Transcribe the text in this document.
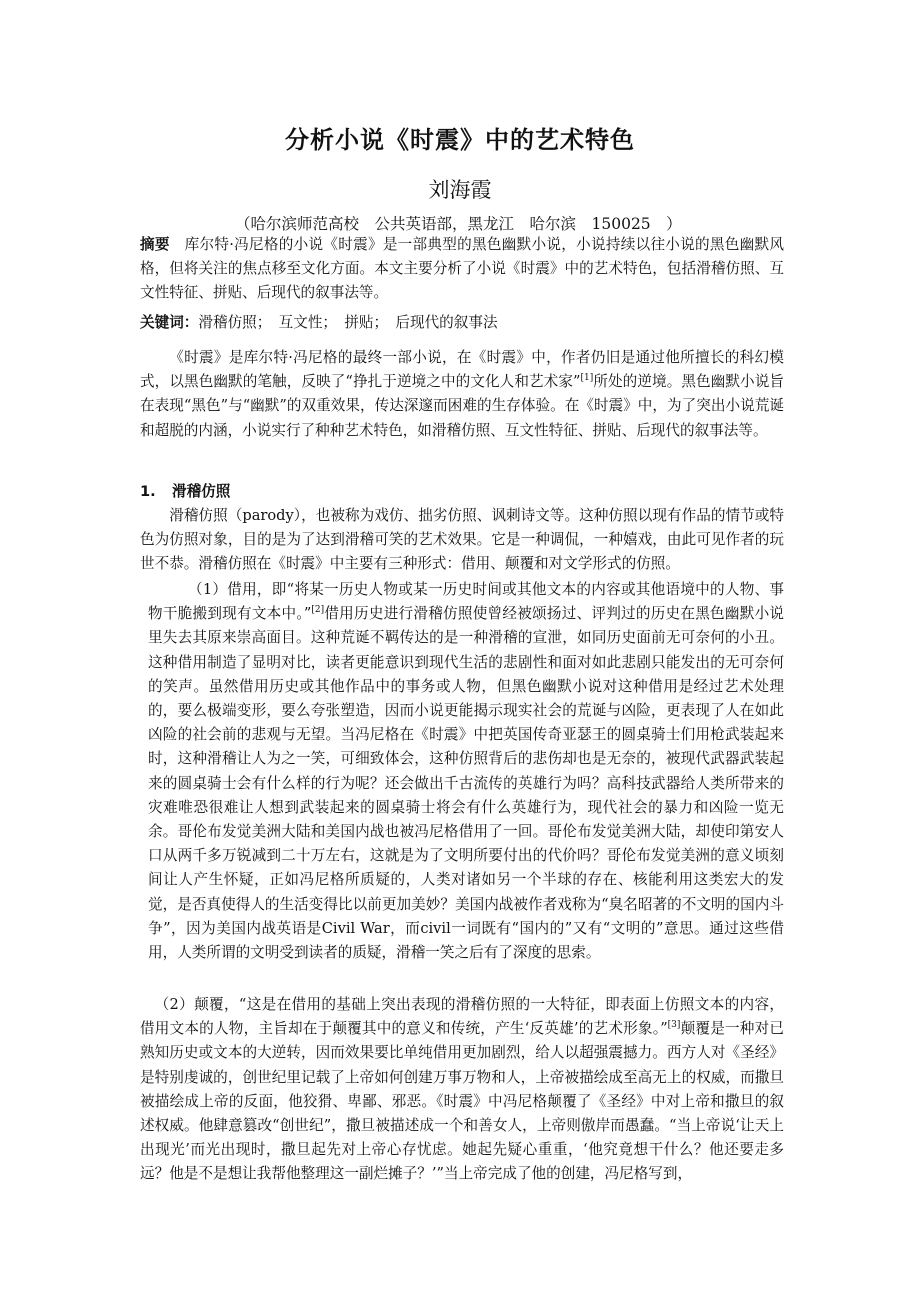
分析小说《时震》中的艺术特色
刘海霞
（哈尔滨师范高校　公共英语部，黑龙江　哈尔滨　150025　）
摘要　 库尔特·冯尼格的小说《时震》是一部典型的黑色幽默小说，小说持续以往小说的黑色幽默风格，但将关注的焦点移至文化方面。本文主要分析了小说《时震》中的艺术特色，包括滑稽仿照、互文性特征、拼贴、后现代的叙事法等。
关键词：滑稽仿照；　互文性；　拼贴；　后现代的叙事法
《时震》是库尔特·冯尼格的最终一部小说，在《时震》中，作者仍旧是通过他所擅长的科幻模式，以黑色幽默的笔触，反映了“挣扎于逆境之中的文化人和艺术家”[1]所处的逆境。黑色幽默小说旨在表现“黑色”与“幽默”的双重效果，传达深邃而困难的生存体验。在《时震》中，为了突出小说荒诞和超脱的内涵，小说实行了种种艺术特色，如滑稽仿照、互文性特征、拼贴、后现代的叙事法等。
1. 滑稽仿照
滑稽仿照（parody），也被称为戏仿、拙劣仿照、讽刺诗文等。这种仿照以现有作品的情节或特色为仿照对象，目的是为了达到滑稽可笑的艺术效果。它是一种调侃，一种嬉戏，由此可见作者的玩世不恭。滑稽仿照在《时震》中主要有三种形式：借用、颠覆和对文学形式的仿照。
（1）借用，即“将某一历史人物或某一历史时间或其他文本的内容或其他语境中的人物、事物干脆搬到现有文本中。”[2]借用历史进行滑稽仿照使曾经被颂扬过、评判过的历史在黑色幽默小说里失去其原来崇高面目。这种荒诞不羁传达的是一种滑稽的宣泄，如同历史面前无可奈何的小丑。这种借用制造了显明对比，读者更能意识到现代生活的悲剧性和面对如此悲剧只能发出的无可奈何的笑声。虽然借用历史或其他作品中的事务或人物，但黑色幽默小说对这种借用是经过艺术处理的，要么极端变形，要么夸张塑造，因而小说更能揭示现实社会的荒诞与凶险，更表现了人在如此凶险的社会前的悲观与无望。当冯尼格在《时震》中把英国传奇亚瑟王的圆桌骑士们用枪武装起来时，这种滑稽让人为之一笑，可细致体会，这种仿照背后的悲伤却也是无奈的，被现代武器武装起来的圆桌骑士会有什么样的行为呢？还会做出千古流传的英雄行为吗？高科技武器给人类所带来的灾难唯恐很难让人想到武装起来的圆桌骑士将会有什么英雄行为，现代社会的暴力和凶险一览无余。哥伦布发觉美洲大陆和美国内战也被冯尼格借用了一回。哥伦布发觉美洲大陆，却使印第安人口从两千多万锐减到二十万左右，这就是为了文明所要付出的代价吗？哥伦布发觉美洲的意义顷刻间让人产生怀疑，正如冯尼格所质疑的，人类对诸如另一个半球的存在、核能利用这类宏大的发觉，是否真使得人的生活变得比以前更加美妙？美国内战被作者戏称为“臭名昭著的不文明的国内斗争”，因为美国内战英语是Civil War，而civil一词既有“国内的”又有“文明的”意思。通过这些借用，人类所谓的文明受到读者的质疑，滑稽一笑之后有了深度的思索。
（2）颠覆，“这是在借用的基础上突出表现的滑稽仿照的一大特征，即表面上仿照文本的内容，借用文本的人物，主旨却在于颠覆其中的意义和传统，产生‘反英雄’的艺术形象。”[3]颠覆是一种对已熟知历史或文本的大逆转，因而效果要比单纯借用更加剧烈，给人以超强震撼力。西方人对《圣经》是特别虔诚的，创世纪里记载了上帝如何创建万事万物和人，上帝被描绘成至高无上的权威，而撒旦被描绘成上帝的反面，他狡猾、卑鄙、邪恶。《时震》中冯尼格颠覆了《圣经》中对上帝和撒旦的叙述权威。他肆意篡改“创世纪”，撒旦被描述成一个和善女人，上帝则傲岸而愚蠢。“当上帝说‘让天上出现光’而光出现时，撒旦起先对上帝心存忧虑。她起先疑心重重，‘他究竟想干什么？他还要走多远？他是不是想让我帮他整理这一副烂摊子？’”当上帝完成了他的创建，冯尼格写到，
